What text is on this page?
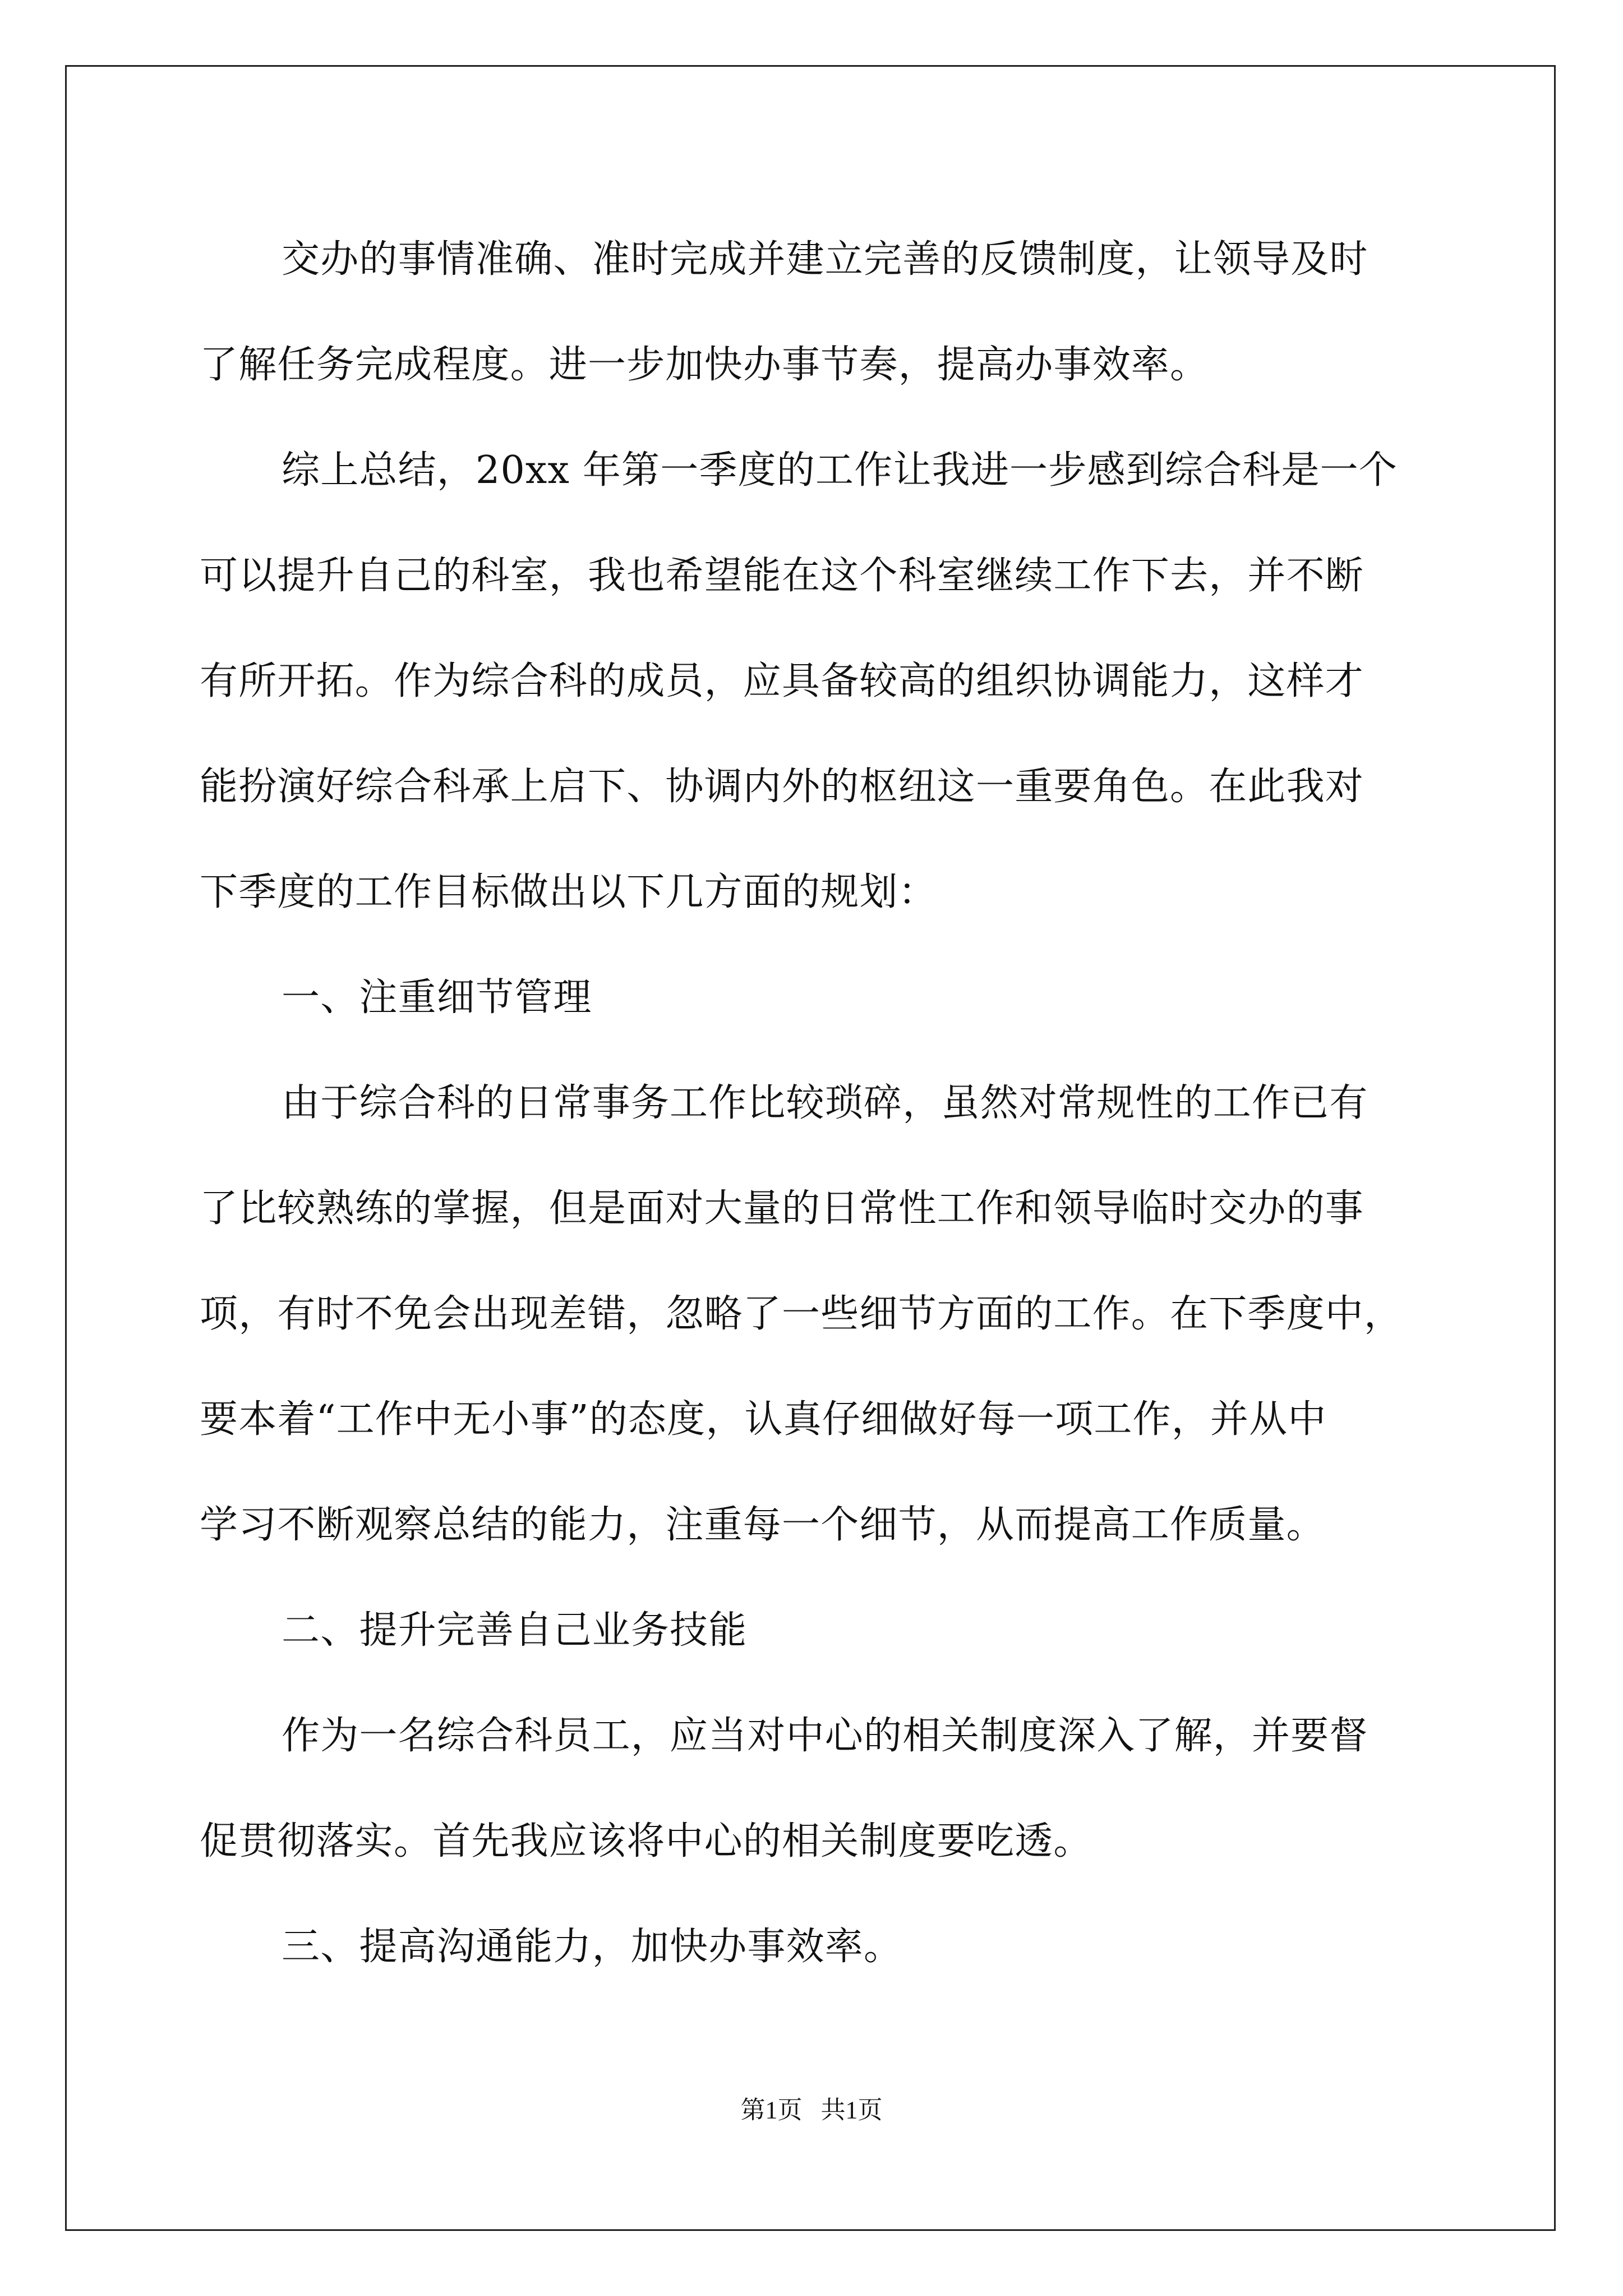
交办的事情准确、准时完成并建立完善的反馈制度，让领导及时
了解任务完成程度。进一步加快办事节奏，提高办事效率。
综上总结，20xx 年第一季度的工作让我进一步感到综合科是一个
可以提升自己的科室，我也希望能在这个科室继续工作下去，并不断
有所开拓。作为综合科的成员，应具备较高的组织协调能力，这样才
能扮演好综合科承上启下、协调内外的枢纽这一重要角色。在此我对
下季度的工作目标做出以下几方面的规划：
一、注重细节管理
由于综合科的日常事务工作比较琐碎，虽然对常规性的工作已有
了比较熟练的掌握，但是面对大量的日常性工作和领导临时交办的事
项，有时不免会出现差错，忽略了一些细节方面的工作。在下季度中，
要本着“工作中无小事”的态度，认真仔细做好每一项工作，并从中
学习不断观察总结的能力，注重每一个细节，从而提高工作质量。
二、提升完善自己业务技能
作为一名综合科员工，应当对中心的相关制度深入了解，并要督
促贯彻落实。首先我应该将中心的相关制度要吃透。
三、提高沟通能力，加快办事效率。
第1页   共1页
